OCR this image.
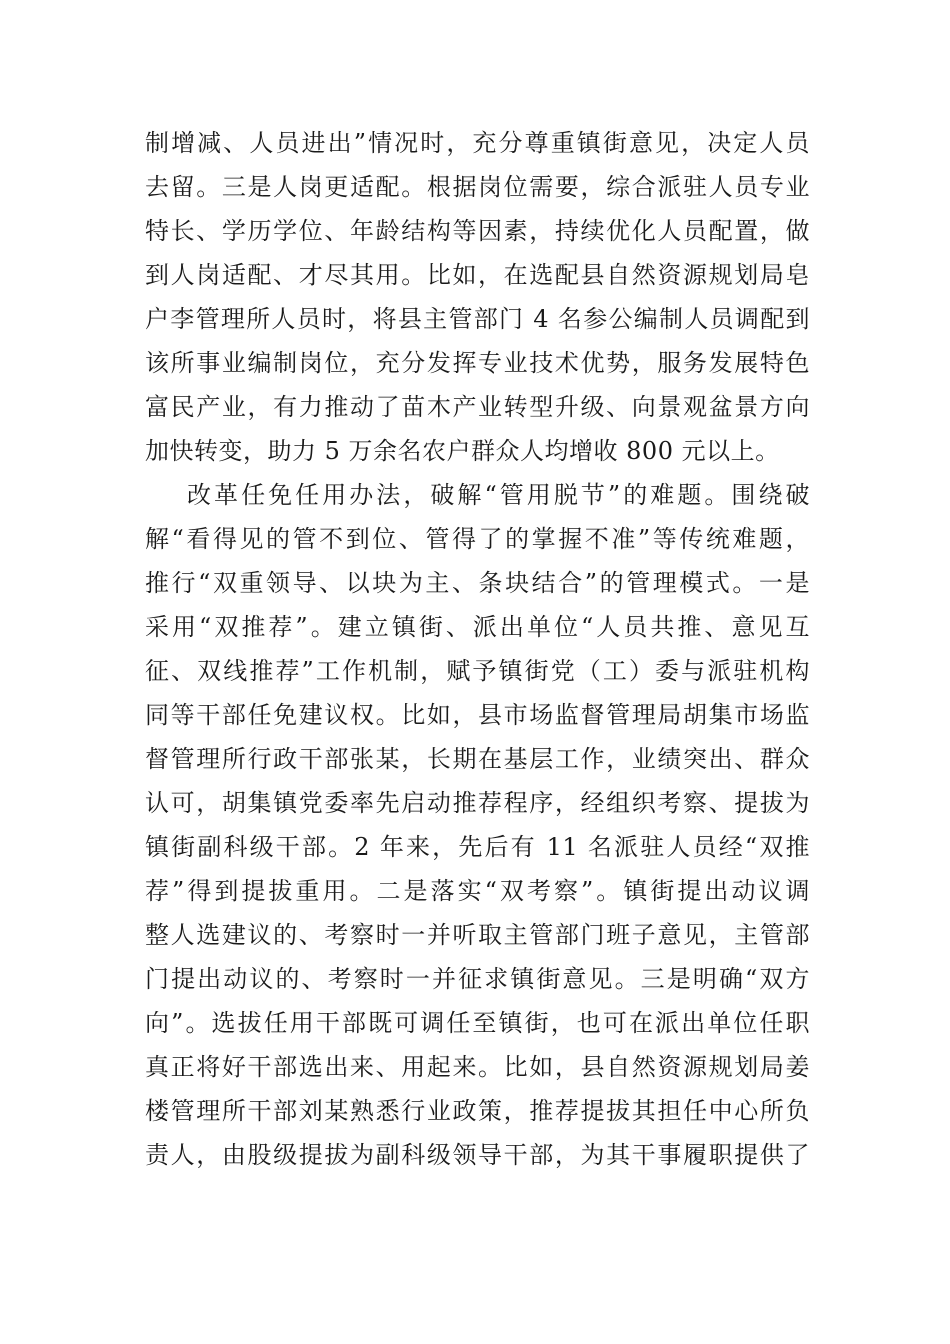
制增减、人员进出”情况时，充分尊重镇街意见，决定人员
去留。三是人岗更适配。根据岗位需要，综合派驻人员专业
特长、学历学位、年龄结构等因素，持续优化人员配置，做
到人岗适配、才尽其用。比如，在选配县自然资源规划局皂
户李管理所人员时，将县主管部门 4 名参公编制人员调配到
该所事业编制岗位，充分发挥专业技术优势，服务发展特色
富民产业，有力推动了苗木产业转型升级、向景观盆景方向
加快转变，助力 5 万余名农户群众人均增收 800 元以上。
改革任免任用办法，破解“管用脱节”的难题。围绕破
解“看得见的管不到位、管得了的掌握不准”等传统难题，
推行“双重领导、以块为主、条块结合”的管理模式。一是
采用“双推荐”。建立镇街、派出单位“人员共推、意见互
征、双线推荐”工作机制，赋予镇街党（工）委与派驻机构
同等干部任免建议权。比如，县市场监督管理局胡集市场监
督管理所行政干部张某，长期在基层工作，业绩突出、群众
认可，胡集镇党委率先启动推荐程序，经组织考察、提拔为
镇街副科级干部。2 年来，先后有 11 名派驻人员经“双推
荐”得到提拔重用。二是落实“双考察”。镇街提出动议调
整人选建议的、考察时一并听取主管部门班子意见，主管部
门提出动议的、考察时一并征求镇街意见。三是明确“双方
向”。选拔任用干部既可调任至镇街，也可在派出单位任职
真正将好干部选出来、用起来。比如，县自然资源规划局姜
楼管理所干部刘某熟悉行业政策，推荐提拔其担任中心所负
责人，由股级提拔为副科级领导干部，为其干事履职提供了
